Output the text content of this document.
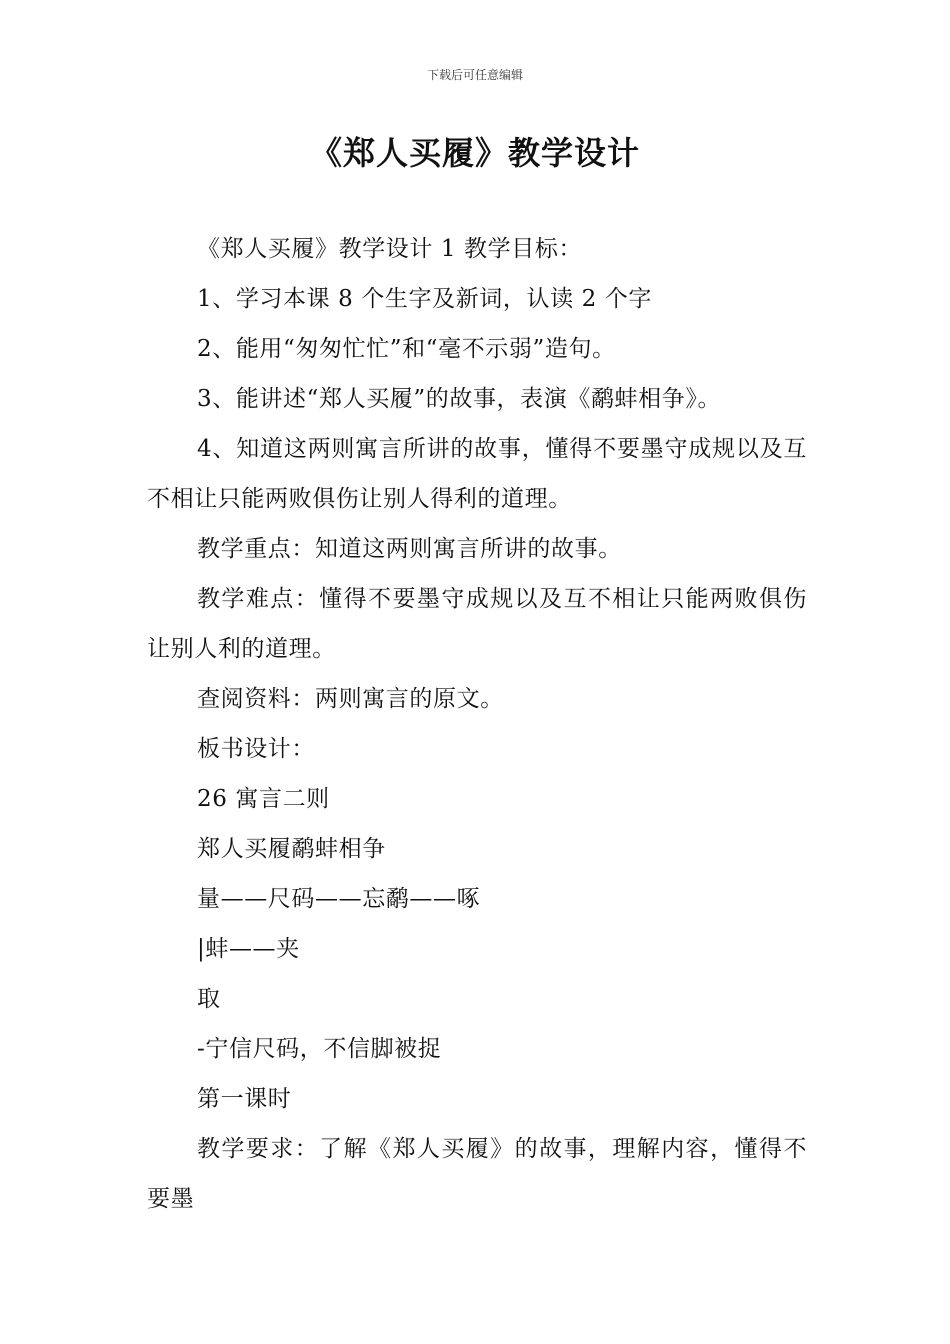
下载后可任意编辑
《郑人买履》教学设计

《郑人买履》教学设计 1 教学目标：

1、学习本课 8 个生字及新词，认读 2 个字

2、能用“匆匆忙忙”和“毫不示弱”造句。

3、能讲述“郑人买履”的故事，表演《鹬蚌相争》。

4、知道这两则寓言所讲的故事，懂得不要墨守成规以及互不相让只能两败俱伤让别人得利的道理。

教学重点：知道这两则寓言所讲的故事。

教学难点：懂得不要墨守成规以及互不相让只能两败俱伤让别人利的道理。

查阅资料：两则寓言的原文。

板书设计：

26 寓言二则

郑人买履鹬蚌相争

量——尺码——忘鹬——啄

|蚌——夹

取

-宁信尺码，不信脚被捉

第一课时

教学要求：了解《郑人买履》的故事，理解内容，懂得不要墨
